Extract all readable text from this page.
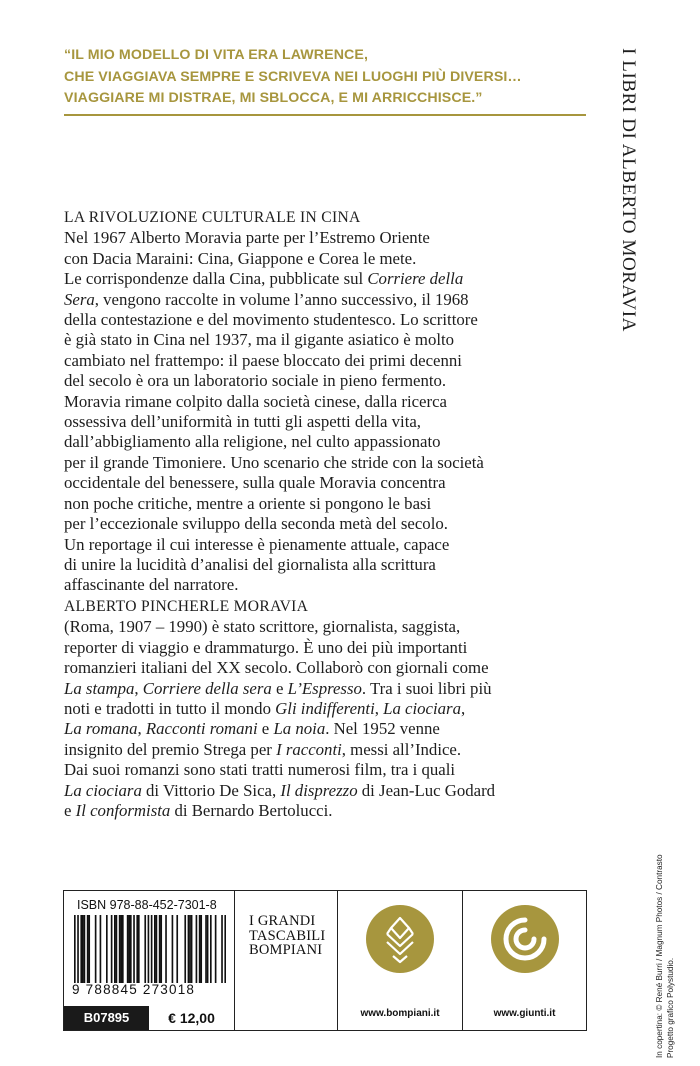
“IL MIO MODELLO DI VITA ERA LAWRENCE,
CHE VIAGGIAVA SEMPRE E SCRIVEVA NEI LUOGHI PIÙ DIVERSI…
VIAGGIARE MI DISTRAE, MI SBLOCCA, E MI ARRICCHISCE.”	I LIBRI DI ALBERTO MORAVIA
LA RIVOLUZIONE CULTURALE IN CINA
Nel 1967 Alberto Moravia parte per l’Estremo Oriente
con Dacia Maraini: Cina, Giappone e Corea le mete.
Le corrispondenze dalla Cina, pubblicate sul Corriere della
Sera, vengono raccolte in volume l’anno successivo, il 1968
della contestazione e del movimento studentesco. Lo scrittore
è già stato in Cina nel 1937, ma il gigante asiatico è molto
cambiato nel frattempo: il paese bloccato dei primi decenni
del secolo è ora un laboratorio sociale in pieno fermento.
Moravia rimane colpito dalla società cinese, dalla ricerca
ossessiva dell’uniformità in tutti gli aspetti della vita,
dall’abbigliamento alla religione, nel culto appassionato
per il grande Timoniere. Uno scenario che stride con la società
occidentale del benessere, sulla quale Moravia concentra
non poche critiche, mentre a oriente si pongono le basi
per l’eccezionale sviluppo della seconda metà del secolo.
Un reportage il cui interesse è pienamente attuale, capace
di unire la lucidità d’analisi del giornalista alla scrittura
affascinante del narratore.
ALBERTO PINCHERLE MORAVIA
(Roma, 1907 – 1990) è stato scrittore, giornalista, saggista,
reporter di viaggio e drammaturgo. È uno dei più importanti
romanzieri italiani del XX secolo. Collaborò con giornali come
La stampa, Corriere della sera e L’Espresso. Tra i suoi libri più
noti e tradotti in tutto il mondo Gli indifferenti, La ciociara,
La romana, Racconti romani e La noia. Nel 1952 venne
insignito del premio Strega per I racconti, messi all’Indice.
Dai suoi romanzi sono stati tratti numerosi film, tra i quali
La ciociara di Vittorio De Sica, Il disprezzo di Jean-Luc Godard
e Il conformista di Bernardo Bertolucci.
In copertina: © René Burri / Magnum Photos / Contrasto Progetto grafico Polystudio.
ISBN 978-88-452-7301-8
9 788845 273018
B07895	€ 12,00
I GRANDI
TASCABILI
BOMPIANI
www.bompiani.it	www.giunti.it
